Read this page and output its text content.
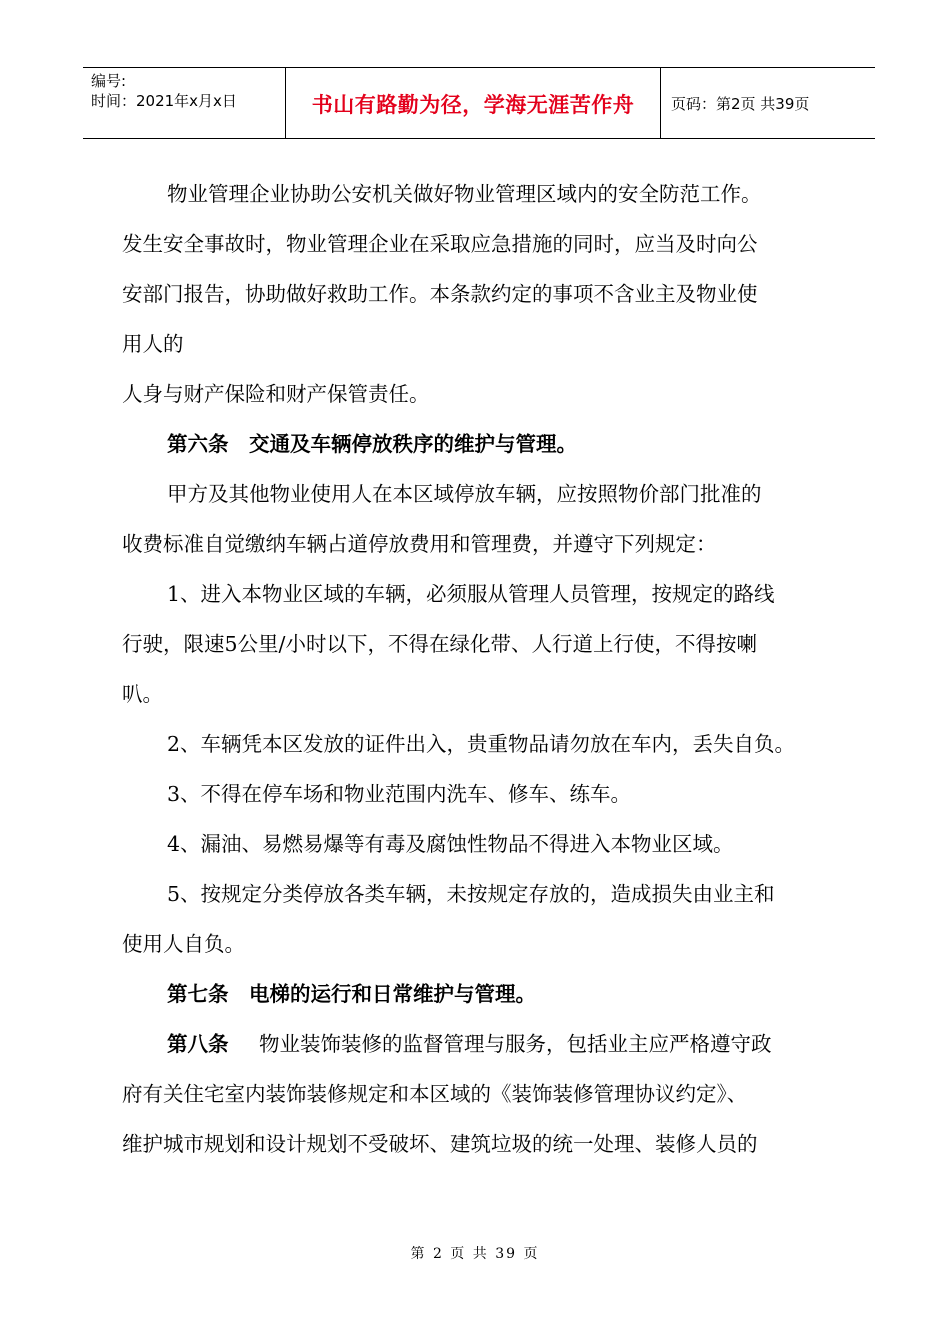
编号:
时间：2021年x月x日	书山有路勤为径，学海无涯苦作舟	页码：第2页 共39页
物业管理企业协助公安机关做好物业管理区域内的安全防范工作。
发生安全事故时，物业管理企业在采取应急措施的同时，应当及时向公
安部门报告，协助做好救助工作。本条款约定的事项不含业主及物业使
用人的
人身与财产保险和财产保管责任。
第六条　交通及车辆停放秩序的维护与管理。
甲方及其他物业使用人在本区域停放车辆，应按照物价部门批准的
收费标准自觉缴纳车辆占道停放费用和管理费，并遵守下列规定：
1、进入本物业区域的车辆，必须服从管理人员管理，按规定的路线
行驶，限速5公里/小时以下，不得在绿化带、人行道上行使，不得按喇
叭。
2、车辆凭本区发放的证件出入，贵重物品请勿放在车内，丢失自负。
3、不得在停车场和物业范围内洗车、修车、练车。
4、漏油、易燃易爆等有毒及腐蚀性物品不得进入本物业区域。
5、按规定分类停放各类车辆，未按规定存放的，造成损失由业主和
使用人自负。
第七条　电梯的运行和日常维护与管理。
第八条 物业装饰装修的监督管理与服务，包括业主应严格遵守政
府有关住宅室内装饰装修规定和本区域的《装饰装修管理协议约定》、
维护城市规划和设计规划不受破坏、建筑垃圾的统一处理、装修人员的
第 2 页 共 39 页
